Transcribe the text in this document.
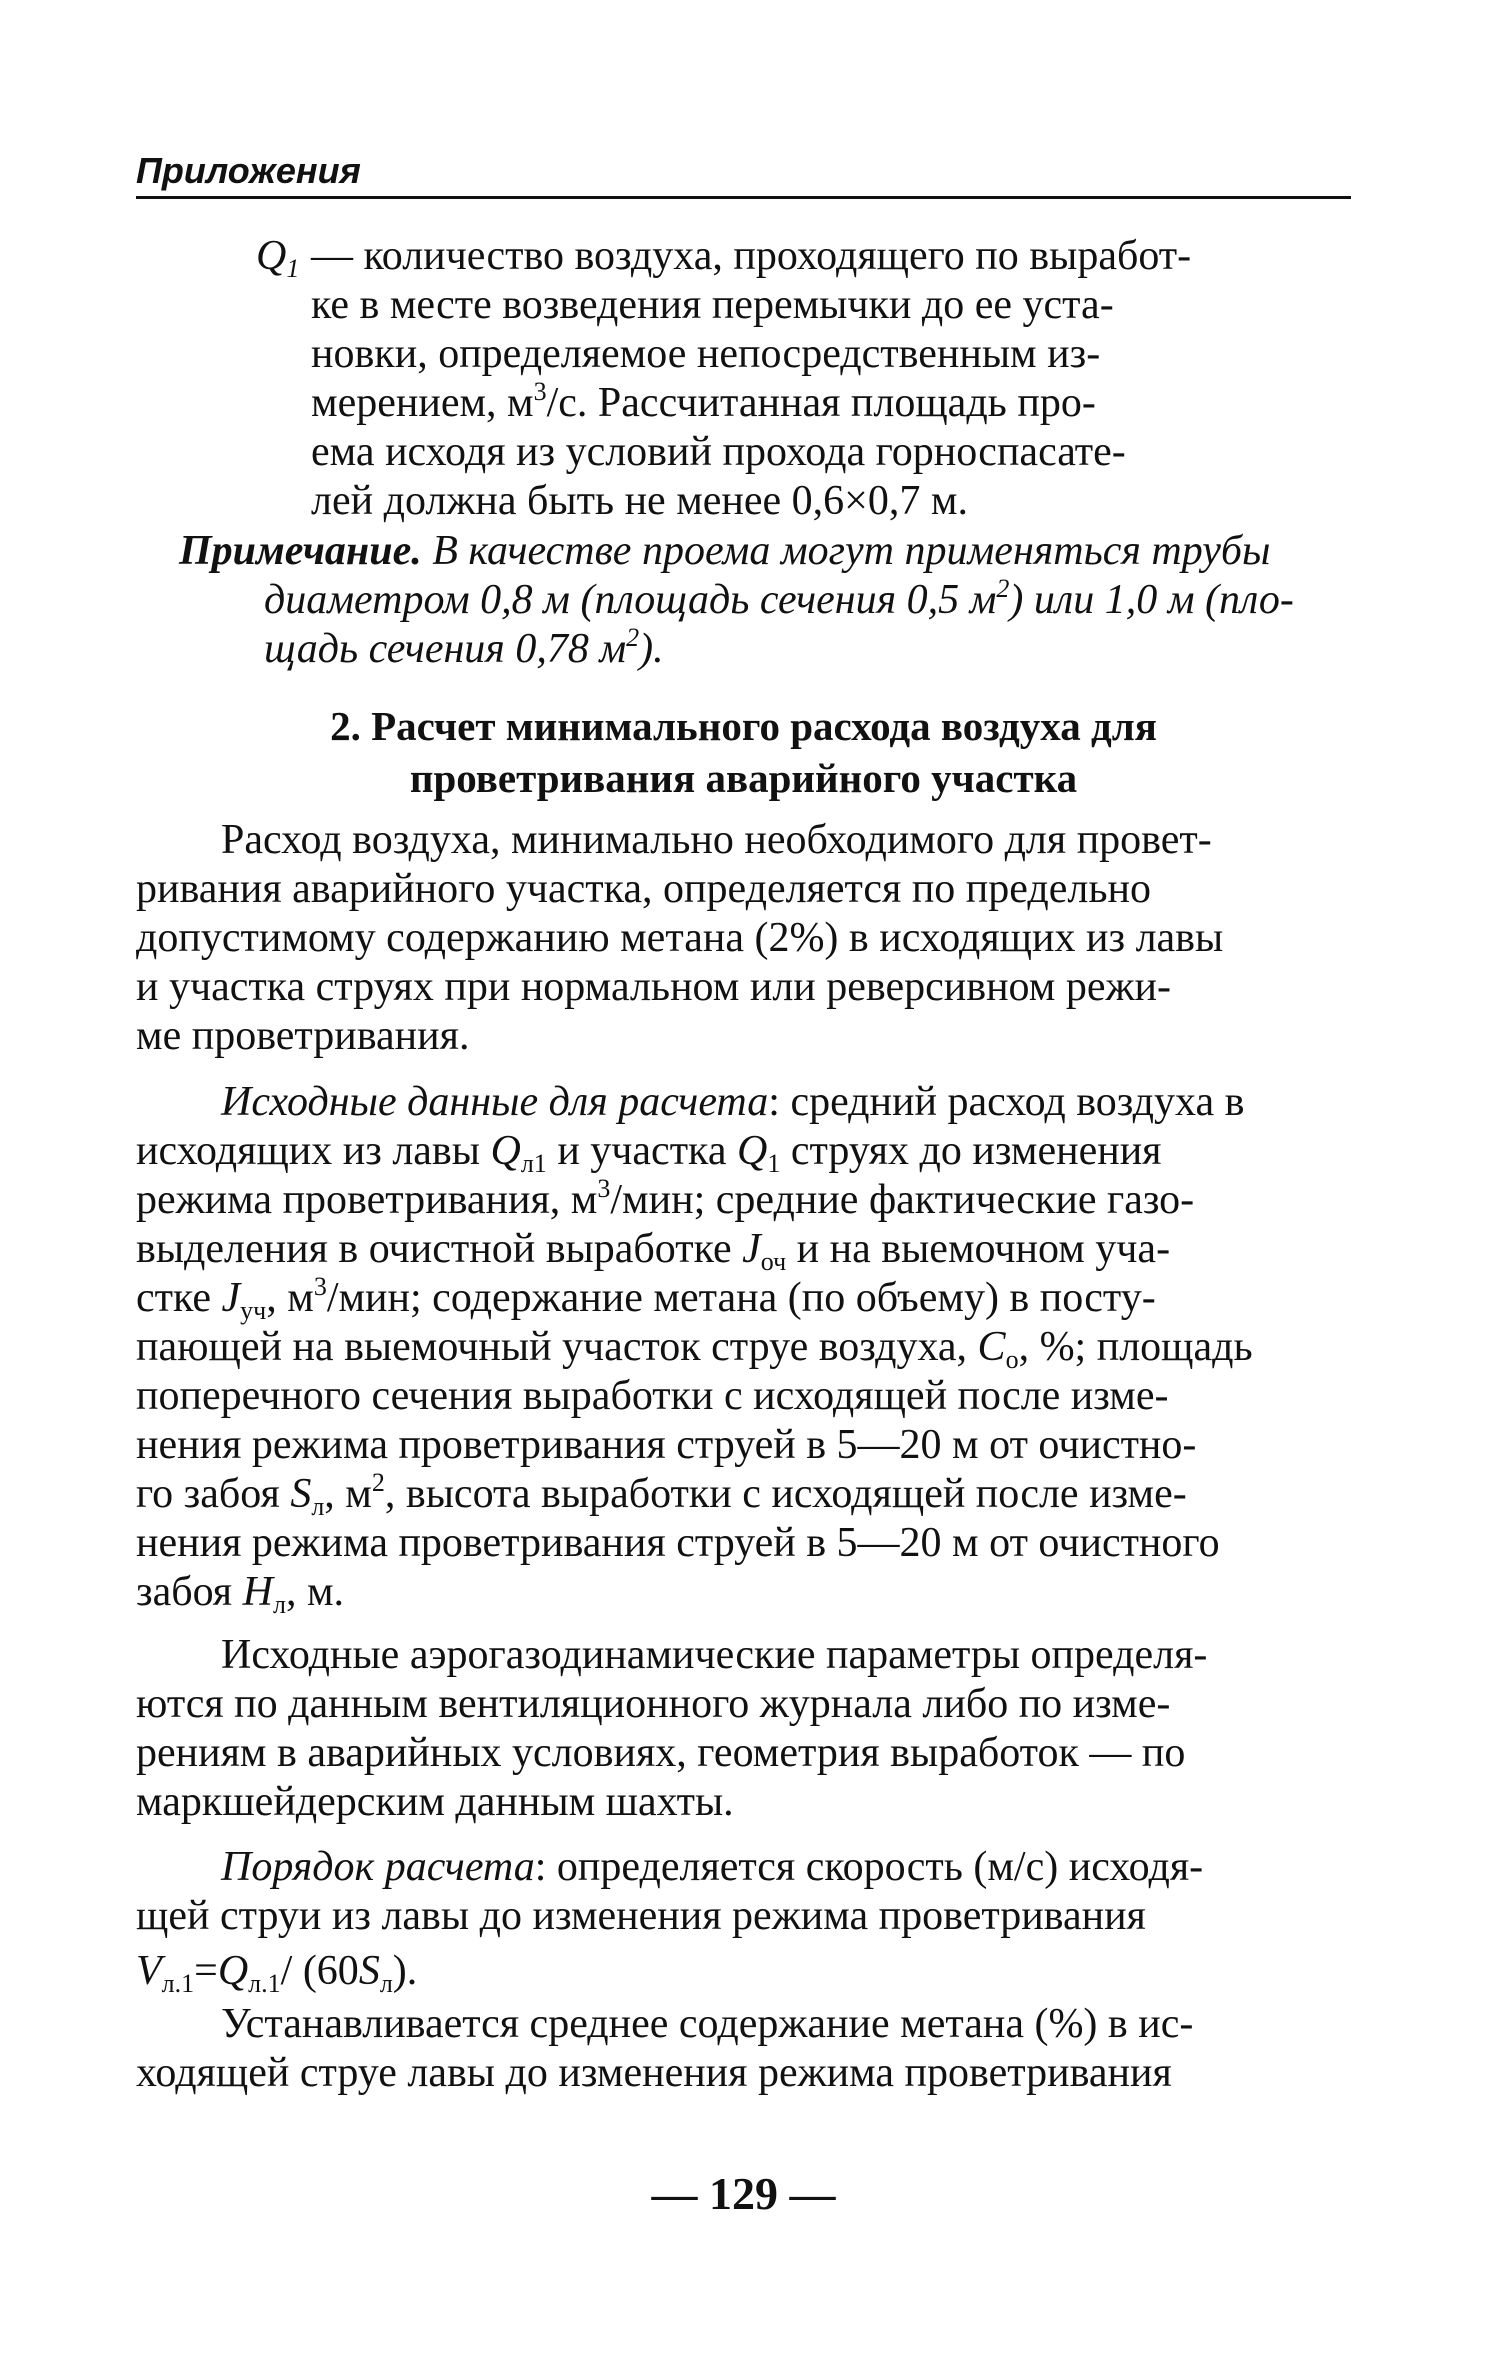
Приложения
$Q_1$ — количество воздуха, проходящего по выработ-

ке в месте возведения перемычки до ее уста-

новки, определяемое непосредственным из-

мерением, $м^3/с$. Рассчитанная площадь про-

ема исходя из условий прохода горноспасате-

лей должна быть не менее 0,6×0,7 м.

Примечание. В качестве проема могут применяться трубы

диаметром 0,8 м (площадь сечения 0,5 $м^2$) или 1,0 м (пло-

щадь сечения 0,78 $м^2$).

2. Расчет минимального расхода воздуха для
проветривания аварийного участка

Расход воздуха, минимально необходимого для провет-

ривания аварийного участка, определяется по предельно

допустимому содержанию метана (2%) в исходящих из лавы

и участка струях при нормальном или реверсивном режи-

ме проветривания.

Исходные данные для расчета: средний расход воздуха в

исходящих из лавы $Q_{л1}$ и участка $Q_1$ струях до изменения

режима проветривания, $м^3$/мин; средние фактические газо-

выделения в очистной выработке $J_{оч}$ и на выемочном уча-

стке $J_{уч}$, $м^3$/мин; содержание метана (по объему) в посту-

пающей на выемочный участок струе воздуха, $C_о$, %; площадь

поперечного сечения выработки с исходящей после изме-

нения режима проветривания струей в 5—20 м от очистно-

го забоя $S_л$, $м^2$, высота выработки с исходящей после изме-

нения режима проветривания струей в 5—20 м от очистного

забоя $H_л$, м.

Исходные аэрогазодинамические параметры определя-

ются по данным вентиляционного журнала либо по изме-

рениям в аварийных условиях, геометрия выработок — по

маркшейдерским данным шахты.

Порядок расчета: определяется скорость (м/с) исходя-

щей струи из лавы до изменения режима проветривания

$V_{л.1}=Q_{л.1}/$ $(60S_л)$.

Устанавливается среднее содержание метана (%) в ис-

ходящей струе лавы до изменения режима проветривания

— 129 —
